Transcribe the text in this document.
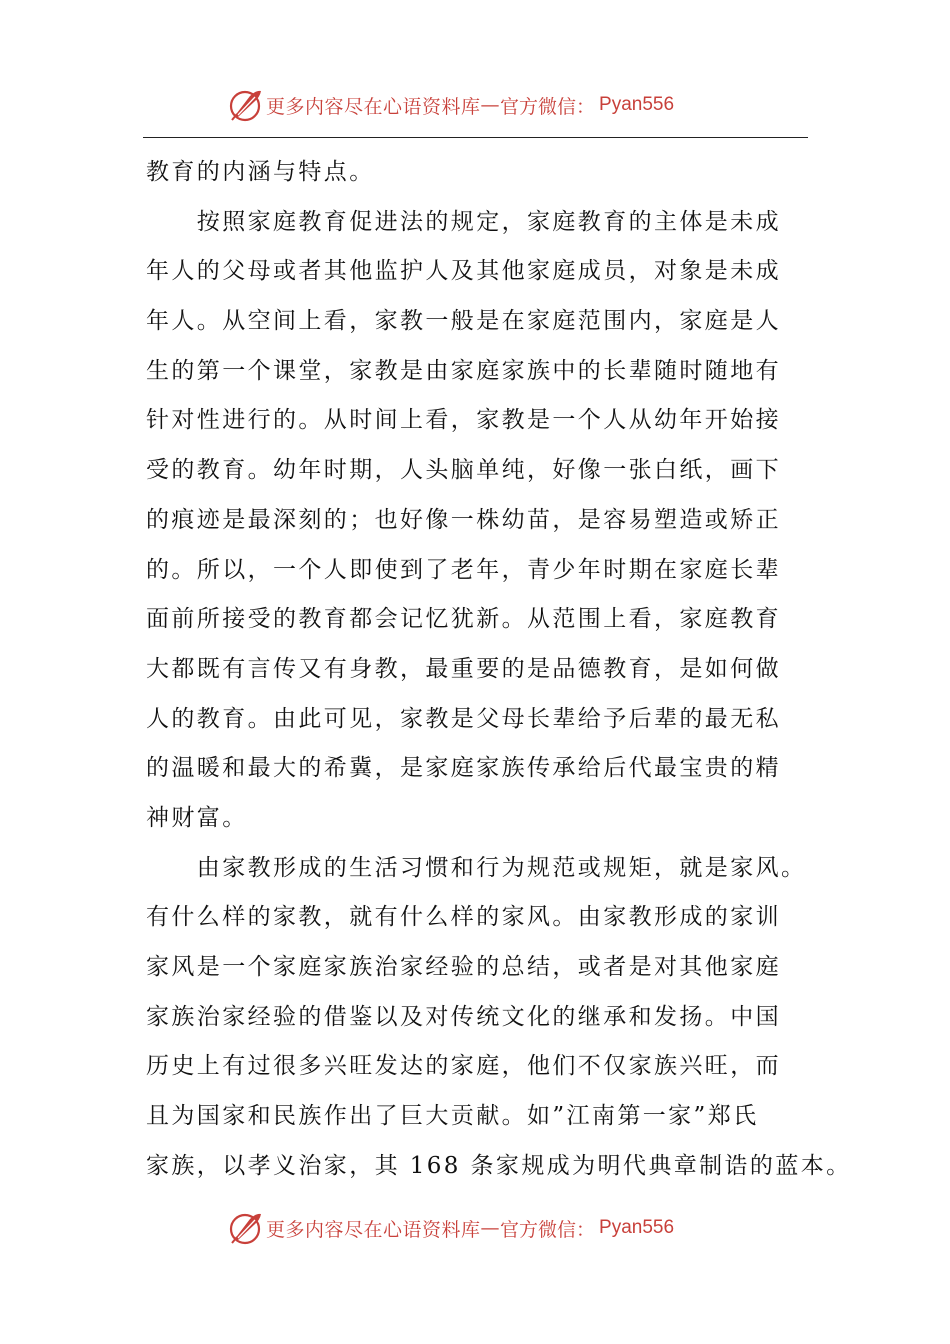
更多内容尽在心语资料库 — 官方微信： Pyan556
教育的内涵与特点。
　　按照家庭教育促进法的规定，家庭教育的主体是未成
年人的父母或者其他监护人及其他家庭成员，对象是未成
年人。从空间上看，家教一般是在家庭范围内，家庭是人
生的第一个课堂，家教是由家庭家族中的长辈随时随地有
针对性进行的。从时间上看，家教是一个人从幼年开始接
受的教育。幼年时期，人头脑单纯，好像一张白纸，画下
的痕迹是最深刻的；也好像一株幼苗，是容易塑造或矫正
的。所以，一个人即使到了老年，青少年时期在家庭长辈
面前所接受的教育都会记忆犹新。从范围上看，家庭教育
大都既有言传又有身教，最重要的是品德教育，是如何做
人的教育。由此可见，家教是父母长辈给予后辈的最无私
的温暖和最大的希冀，是家庭家族传承给后代最宝贵的精
神财富。
　　由家教形成的生活习惯和行为规范或规矩，就是家风。
有什么样的家教，就有什么样的家风。由家教形成的家训
家风是一个家庭家族治家经验的总结，或者是对其他家庭
家族治家经验的借鉴以及对传统文化的继承和发扬。中国
历史上有过很多兴旺发达的家庭，他们不仅家族兴旺，而
且为国家和民族作出了巨大贡献。如”江南第一家”郑氏
家族，以孝义治家，其 168 条家规成为明代典章制诰的蓝本。
更多内容尽在心语资料库 — 官方微信： Pyan556
